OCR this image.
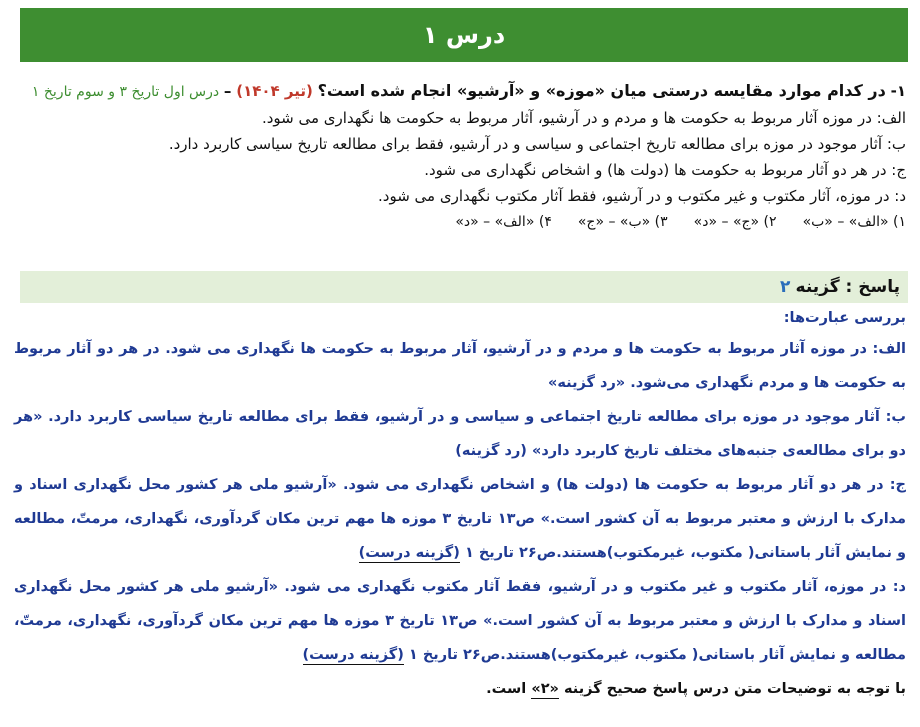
درس ۱
۱- در کدام موارد مقایسه درستی میان «موزه» و «آرشیو» انجام شده است؟ (تیر ۱۴۰۴) – درس اول تاریخ ۳ و سوم تاریخ ۱
الف: در موزه آثار مربوط به حکومت ها و مردم و در آرشیو، آثار مربوط به حکومت ها نگهداری می شود.
ب: آثار موجود در موزه برای مطالعه تاریخ اجتماعی و سیاسی و در آرشیو، فقط برای مطالعه تاریخ سیاسی کاربرد دارد.
ج: در هر دو آثار مربوط به حکومت ها (دولت ها) و اشخاص نگهداری می شود.
د: در موزه، آثار مکتوب و غیر مکتوب و در آرشیو، فقط آثار مکتوب نگهداری می شود.
۱) «الف» – «ب»
۲) «ج» – «د»
۳) «ب» – «ج»
۴) «الف» – «د»
پاسخ : گزینه

۲
بررسی عبارت‌ها:

الف: در موزه آثار مربوط به حکومت ها و مردم و در آرشیو، آثار مربوط به حکومت ها نگهداری می شود. در هر دو آثار مربوط به حکومت ها و مردم نگهداری می‌شود. «رد گزینه»

ب: آثار موجود در موزه برای مطالعه تاریخ اجتماعی و سیاسی و در آرشیو، فقط برای مطالعه تاریخ سیاسی کاربرد دارد. «هر دو برای مطالعه‌ی جنبه‌های مختلف تاریخ کاربرد دارد» (رد گزینه)

ج: در هر دو آثار مربوط به حکومت ها (دولت ها) و اشخاص نگهداری می شود. «آرشیو ملی هر کشور محل نگهداری اسناد و مدارک با ارزش و معتبر مربوط به آن کشور است.» ص۱۳ تاریخ ۳ موزه ها مهم ترین مکان گردآوری، نگهداری، مرمتّ، مطالعه و نمایش آثار باستانی( مکتوب، غیرمکتوب)هستند.ص۲۶ تاریخ ۱ (گزینه درست)

د: در موزه، آثار مکتوب و غیر مکتوب و در آرشیو، فقط آثار مکتوب نگهداری می شود. «آرشیو ملی هر کشور محل نگهداری اسناد و مدارک با ارزش و معتبر مربوط به آن کشور است.» ص۱۳ تاریخ ۳ موزه ها مهم ترین مکان گردآوری، نگهداری، مرمتّ، مطالعه و نمایش آثار باستانی( مکتوب، غیرمکتوب)هستند.ص۲۶ تاریخ ۱ (گزینه درست)

با توجه به توضیحات متن درس پاسخ صحیح گزینه «۲» است.
